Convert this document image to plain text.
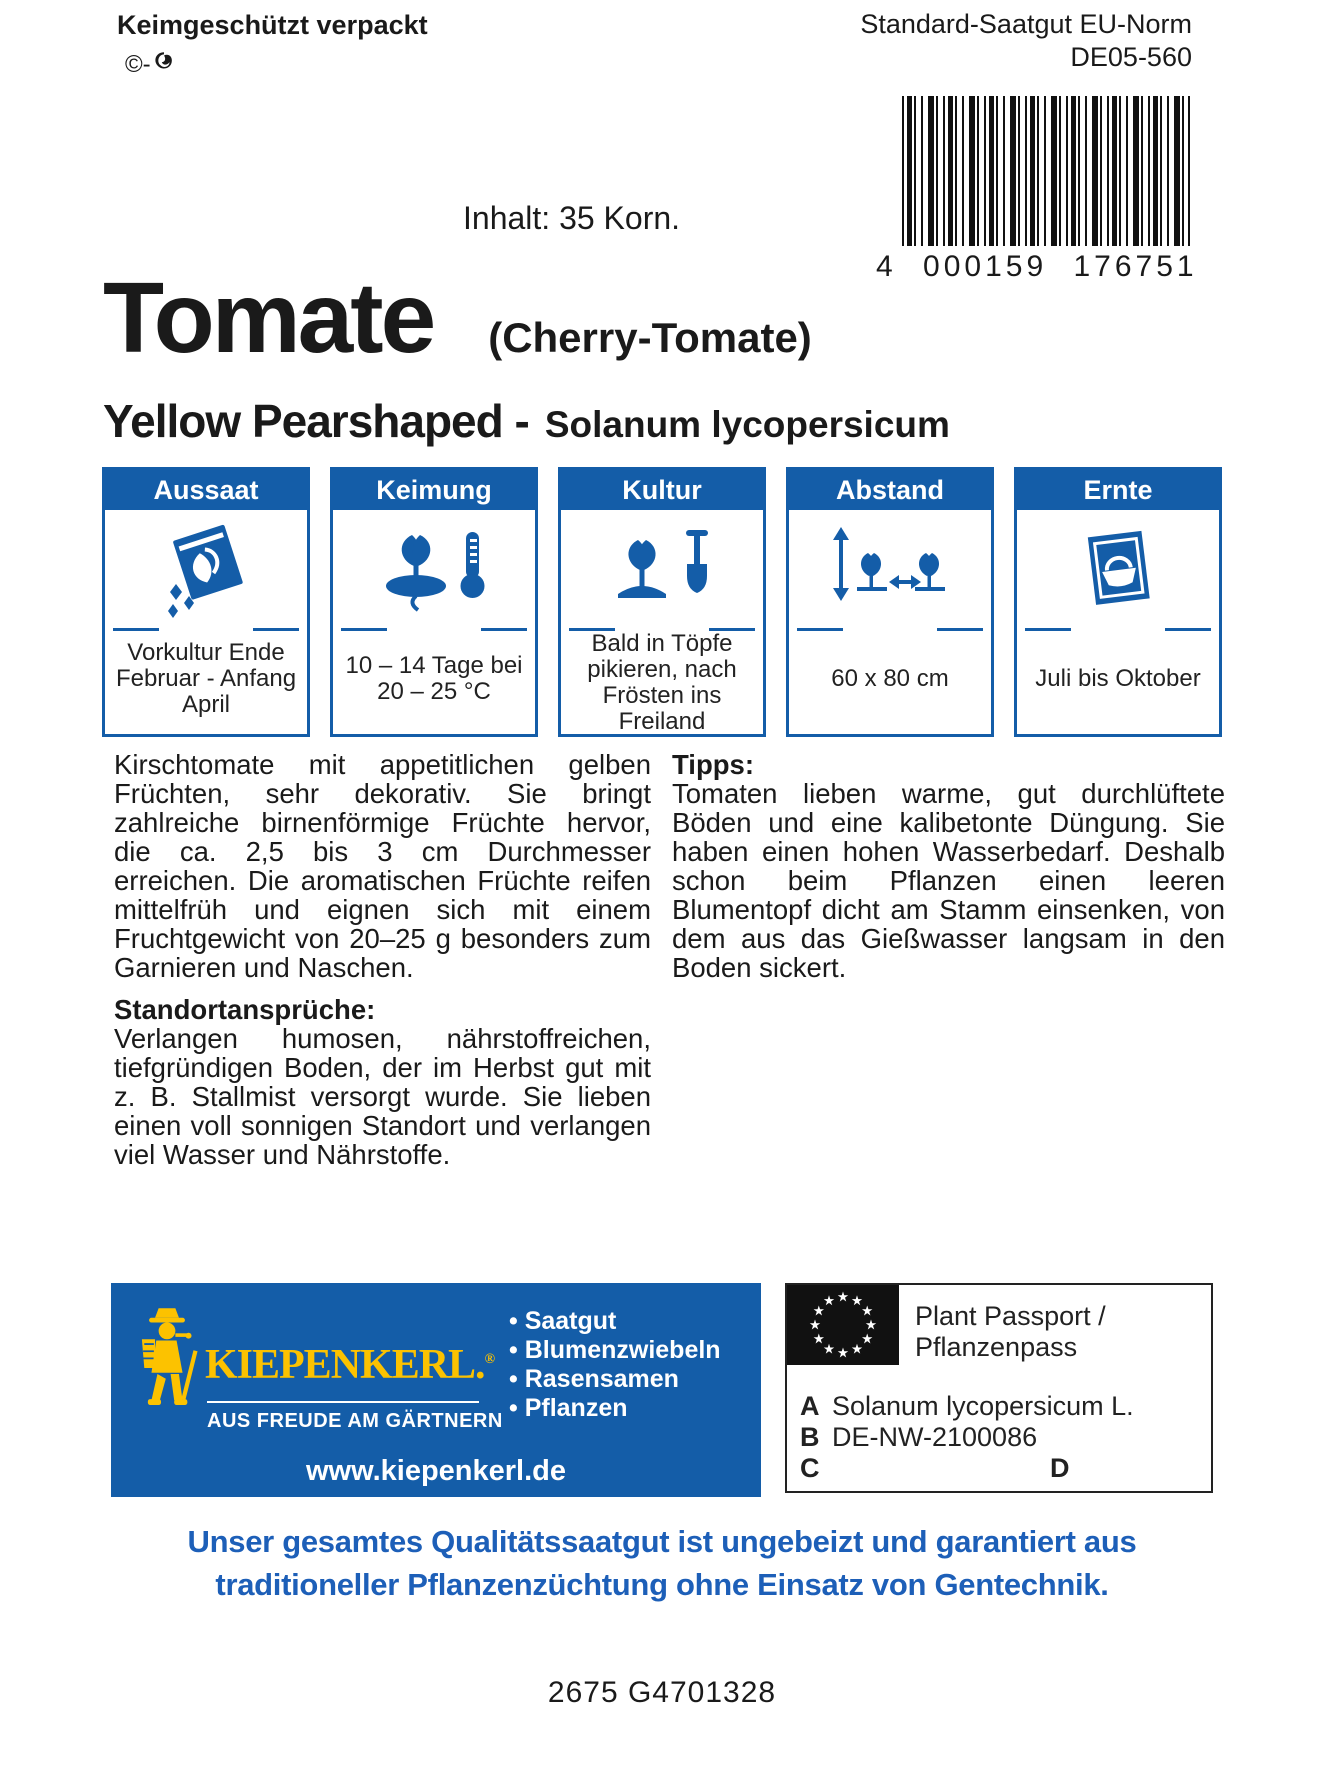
Keimgeschützt verpackt
©-
Standard-Saatgut EU-Norm
DE05-560
4 000159 176751
Inhalt: 35 Korn.
Tomate (Cherry-Tomate)
Yellow Pearshaped - Solanum lycopersicum
Aussaat
Vorkultur Ende Februar - Anfang April
Keimung
10 – 14 Tage bei 20 – 25 °C
Kultur
Bald in Töpfe pikieren, nach Frösten ins Freiland
Abstand
60 x 80 cm
Ernte
Juli bis Oktober

Kirschtomate mit appetitlichen gelben Früchten, sehr dekorativ. Sie bringt zahlreiche birnenförmige Früchte hervor, die ca. 2,5 bis 3 cm Durchmesser erreichen. Die aromatischen Früchte reifen mittelfrüh und eignen sich mit einem Fruchtgewicht von 20–25 g besonders zum Garnieren und Naschen.

Standortansprüche:

Verlangen humosen, nährstoffreichen, tiefgründigen Boden, der im Herbst gut mit z. B. Stallmist versorgt wurde. Sie lieben einen voll sonnigen Standort und verlangen viel Wasser und Nährstoffe.

Tipps:

Tomaten lieben warme, gut durchlüftete Böden und eine kalibetonte Düngung. Sie haben einen hohen Wasserbedarf. Deshalb schon beim Pflanzen einen leeren Blumentopf dicht am Stamm einsenken, von dem aus das Gießwasser langsam in den Boden sickert.

KIEPENKERL.®
AUS FREUDE AM GÄRTNERN
• Saatgut
• Blumenzwiebeln
• Rasensamen
• Pflanzen
www.kiepenkerl.de
Plant Passport /
Pflanzenpass
A Solanum lycopersicum L.
B DE-NW-2100086
C	D
Unser gesamtes Qualitätssaatgut ist ungebeizt und garantiert aus
traditioneller Pflanzenzüchtung ohne Einsatz von Gentechnik.
2675 G4701328
